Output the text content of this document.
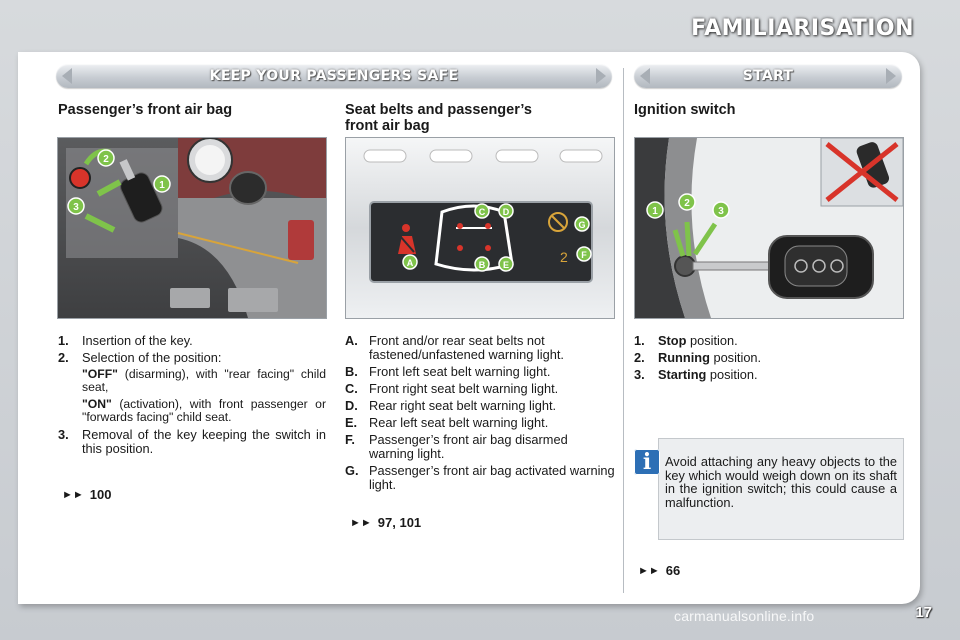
FAMILIARISATION
KEEP YOUR PASSENGERS SAFE	START
Passenger’s front air bag
2
1
3
1.	Insertion of the key.
2.	Selection of the position:
"OFF" (disarming), with "rear facing" child seat,
"ON" (activation), with front passenger or "forwards facing" child seat.
3.	Removal of the key keeping the switch in this position.
►► 100
Seat belts and passenger’s
front air bag
2
C D
G
F
A	B E
A. Front and/or rear seat belts not fastened/unfastened warning light.
B. Front left seat belt warning light.
C. Front right seat belt warning light.
D. Rear right seat belt warning light.
E. Rear left seat belt warning light.
F.	Passenger’s front air bag disarmed warning light.
G. Passenger’s front air bag activated warning light.
►► 97, 101
Ignition switch
1
2
3
1.	Stop position.
2.	Running position.
3.	Starting position.
Avoid attaching any heavy objects to the key which would weigh down on its shaft in the ignition switch; this could cause a malfunction.
i
►► 66
carmanualsonline.info	17
